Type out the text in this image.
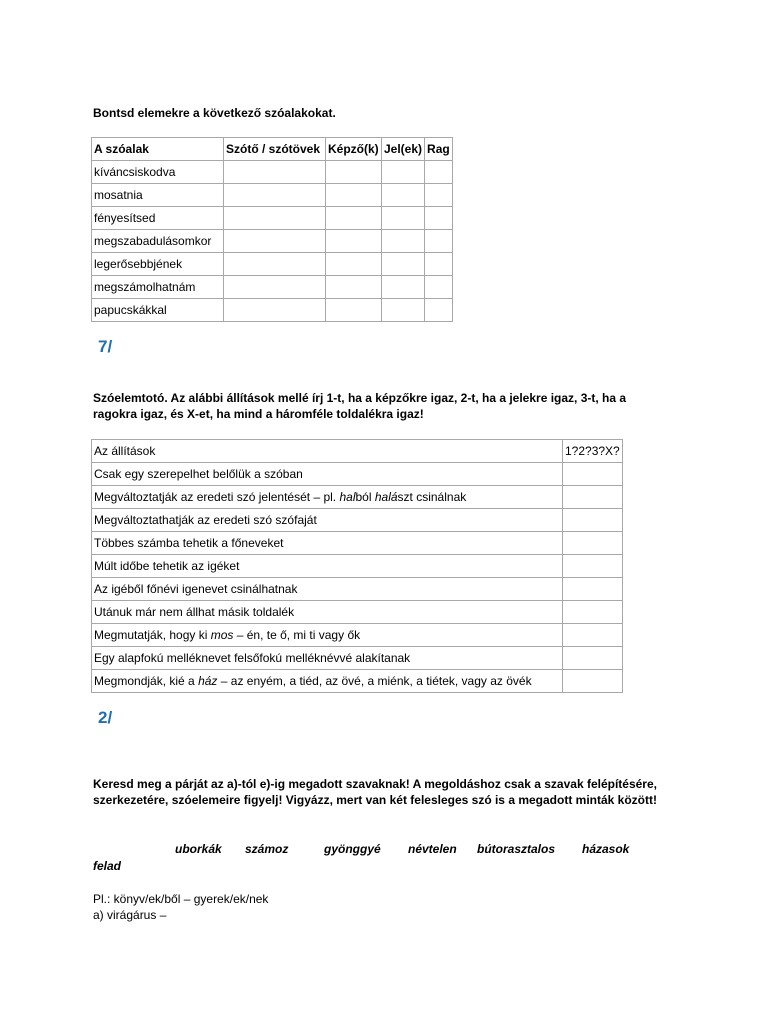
Bontsd elemekre a következő szóalakokat.
A szóalak	Szótő / szótövek	Képző(k)	Jel(ek)	Rag
kíváncsiskodva				
mosatnia				
fényesítsed				
megszabadulásomkor				
legerősebbjének				
megszámolhatnám				
papucskákkal				
7/
Szóelemtotó. Az alábbi állítások mellé írj 1-t, ha a képzőkre igaz, 2-t, ha a jelekre igaz, 3-t, ha a ragokra igaz, és X-et, ha mind a háromféle toldalékra igaz!
Az állítások	1?2?3?X?
Csak egy szerepelhet belőlük a szóban	
Megváltoztatják az eredeti szó jelentését – pl. halból halászt csinálnak	
Megváltoztathatják az eredeti szó szófaját	
Többes számba tehetik a főneveket	
Múlt időbe tehetik az igéket	
Az igéből főnévi igenevet csinálhatnak	
Utánuk már nem állhat másik toldalék	
Megmutatják, hogy ki mos – én, te ő, mi ti vagy ők	
Egy alapfokú melléknevet felsőfokú melléknévvé alakítanak	
Megmondják, kié a ház – az enyém, a tiéd, az övé, a miénk, a tiétek, vagy az övék	
2/
Keresd meg a párját az a)-tól e)-ig megadott szavaknak! A megoldáshoz csak a szavak felépítésére, szerkezetére, szóelemeire figyelj! Vigyázz, mert van két felesleges szó is a megadott minták között!
uborkák számoz	gyönggyé névtelen bútorasztalos házasok
felad
Pl.: könyv/ek/ből – gyerek/ek/nek
a) virágárus –
